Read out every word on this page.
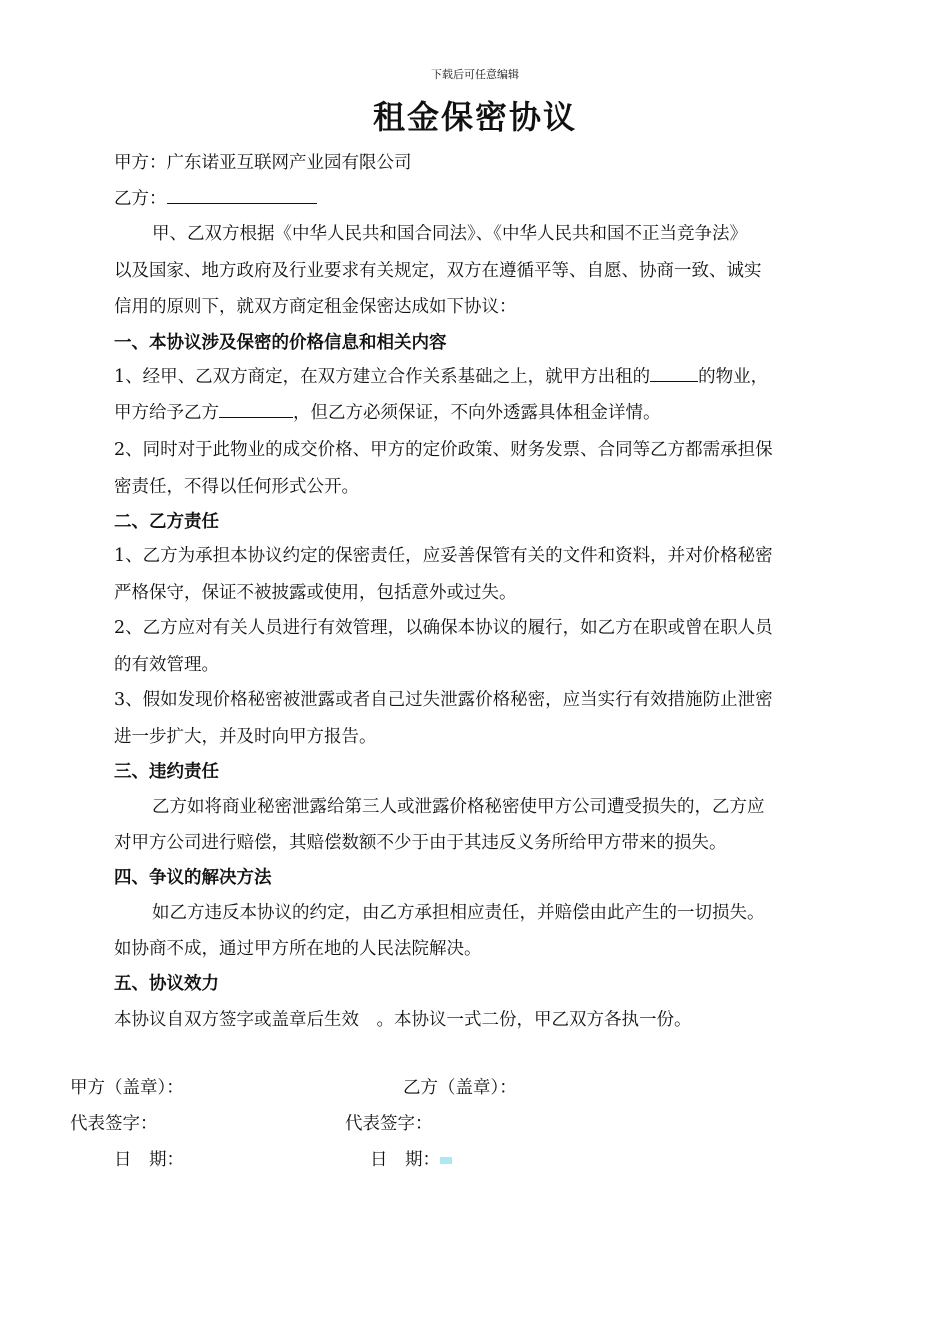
下载后可任意编辑
租金保密协议
甲方：广东诺亚互联网产业园有限公司
乙方：
甲、乙双方根据《中华人民共和国合同法》、《中华人民共和国不正当竞争法》
以及国家、地方政府及行业要求有关规定，双方在遵循平等、自愿、协商一致、诚实
信用的原则下，就双方商定租金保密达成如下协议：
一、本协议涉及保密的价格信息和相关内容
1、经甲、乙双方商定，在双方建立合作关系基础之上，就甲方出租的	的物业，
甲方给予乙方	，但乙方必须保证，不向外透露具体租金详情。
2、同时对于此物业的成交价格、甲方的定价政策、财务发票、合同等乙方都需承担保
密责任，不得以任何形式公开。
二、乙方责任
1、乙方为承担本协议约定的保密责任，应妥善保管有关的文件和资料，并对价格秘密
严格保守，保证不被披露或使用，包括意外或过失。
2、乙方应对有关人员进行有效管理，以确保本协议的履行，如乙方在职或曾在职人员
的有效管理。
3、假如发现价格秘密被泄露或者自己过失泄露价格秘密，应当实行有效措施防止泄密
进一步扩大，并及时向甲方报告。
三、违约责任
乙方如将商业秘密泄露给第三人或泄露价格秘密使甲方公司遭受损失的，乙方应
对甲方公司进行赔偿，其赔偿数额不少于由于其违反义务所给甲方带来的损失。
四、争议的解决方法
如乙方违反本协议的约定，由乙方承担相应责任，并赔偿由此产生的一切损失。
如协商不成，通过甲方所在地的人民法院解决。
五、协议效力
本协议自双方签字或盖章后生效　。本协议一式二份，甲乙双方各执一份。
甲方（盖章）：	乙方（盖章）：
代表签字：	代表签字：
日　期：	日　期：
